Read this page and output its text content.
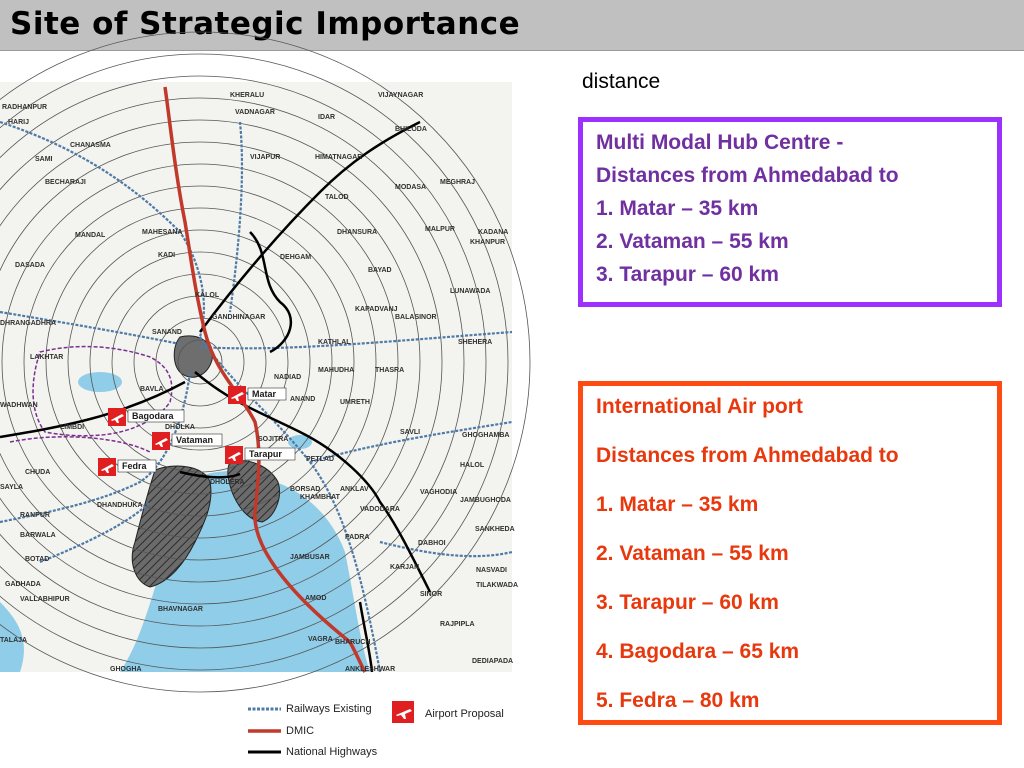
Site of Strategic Importance
distance
Multi Modal Hub Centre -
Distances from Ahmedabad to
1. Matar – 35 km
2. Vataman – 55 km
3. Tarapur – 60 km
International Air port
Distances from Ahmedabad to
1. Matar – 35 km
2. Vataman – 55 km
3. Tarapur – 60 km
4. Bagodara – 65 km
5. Fedra – 80 km
RADHANPUR
HARIJ
CHANASMA
SAMI
BECHARAJI
MANDAL
DASADA
DHRANGADHRA
LAKHTAR
WADHWAN
LIMBDI
CHUDA
SAYLA
RANPUR
BOTAD
GADHADA
VALLABHIPUR
BHAVNAGAR
TALAJA
KHERALU
VADNAGAR
VIJAPUR	HIMATNAGAR
IDAR
VIJAYNAGAR
BHILODA
MEGHRAJ
MODASA
TALOD
DHANSURA	MALPUR	KADANA
KHANPUR
BAYAD
LUNAWADA
KAPADVANJ
BALASINOR
SHEHERA
KATHLAL
MAHUDHA	THASRA
UMRETH
SAVLI	GHOGHAMBA
HALOL
BORSAD	ANKLAV	VAGHODIA
JAMBUGHODA
VADODARA
SANKHEDA
PADRA
DABHOI
JAMBUSAR
KARJAN	NASVADI
AMOD
SINOR
TILAKWADA
VAGRA
RAJPIPLA
BHARUCH
ANKLESHWAR
DEDIAPADA
DHOLKA
BAVLA
DHANDHUKA
BARWALA
DEHGAM
GANDHINAGAR
SANAND
KADI
MAHESANA
KALOL
DHOLERA
KHAMBHAT
PETLAD
SOJITRA
NADIAD
ANAND
GHOGHA
Matar
Bagodara
Vataman
Tarapur
Fedra
Railways Existing
DMIC
National Highways
Airport Proposal
